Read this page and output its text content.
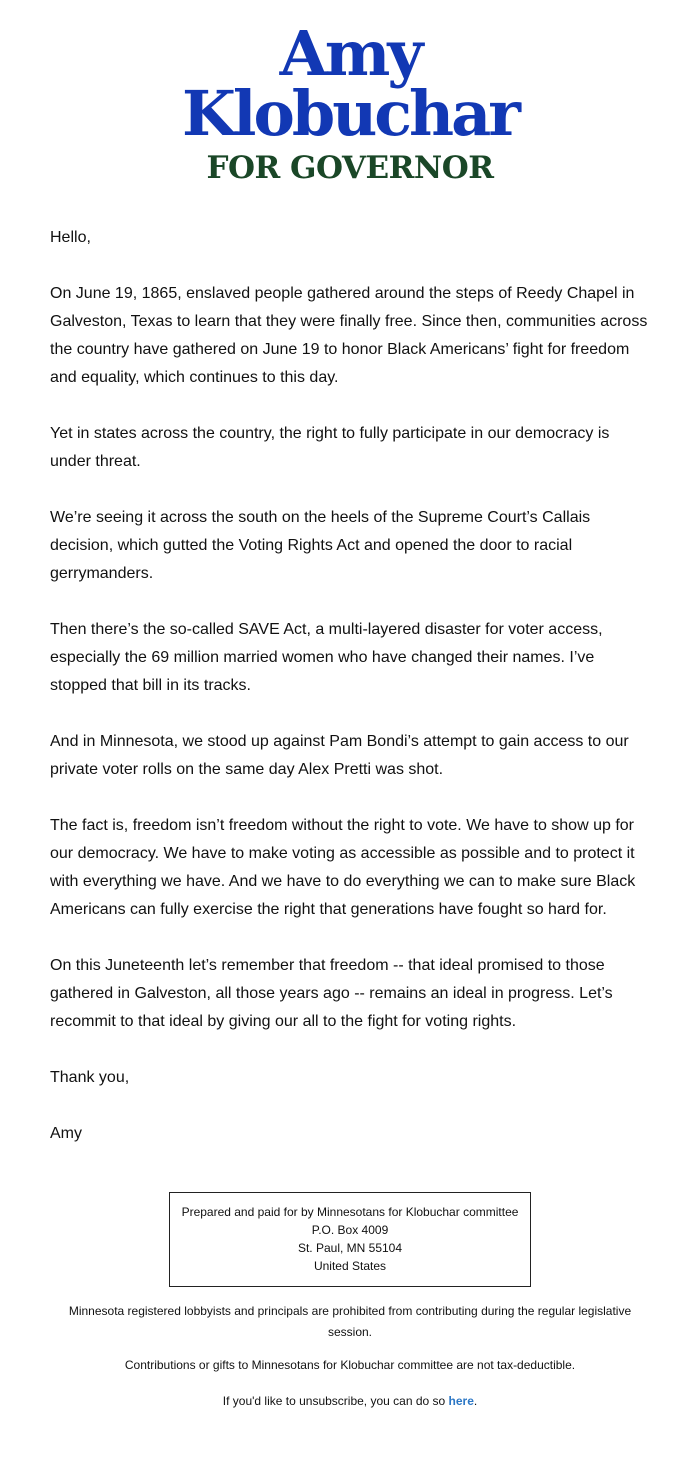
Amy
Klobuchar
FOR GOVERNOR

Hello,

On June 19, 1865, enslaved people gathered around the steps of Reedy Chapel in Galveston, Texas to learn that they were finally free. Since then, communities across the country have gathered on June 19 to honor Black Americans’ fight for freedom and equality, which continues to this day.

Yet in states across the country, the right to fully participate in our democracy is under threat.

We’re seeing it across the south on the heels of the Supreme Court’s Callais decision, which gutted the Voting Rights Act and opened the door to racial gerrymanders.

Then there’s the so-called SAVE Act, a multi-layered disaster for voter access, especially the 69 million married women who have changed their names. I’ve stopped that bill in its tracks.

And in Minnesota, we stood up against Pam Bondi’s attempt to gain access to our private voter rolls on the same day Alex Pretti was shot.

The fact is, freedom isn’t freedom without the right to vote. We have to show up for our democracy. We have to make voting as accessible as possible and to protect it with everything we have. And we have to do everything we can to make sure Black Americans can fully exercise the right that generations have fought so hard for.

On this Juneteenth let’s remember that freedom -- that ideal promised to those gathered in Galveston, all those years ago -- remains an ideal in progress. Let’s recommit to that ideal by giving our all to the fight for voting rights.

Thank you,

Amy

Prepared and paid for by Minnesotans for Klobuchar committee
P.O. Box 4009
St. Paul, MN 55104
United States
Minnesota registered lobbyists and principals are prohibited from contributing during the regular legislative session.
Contributions or gifts to Minnesotans for Klobuchar committee are not tax-deductible.
If you'd like to unsubscribe, you can do so here.
